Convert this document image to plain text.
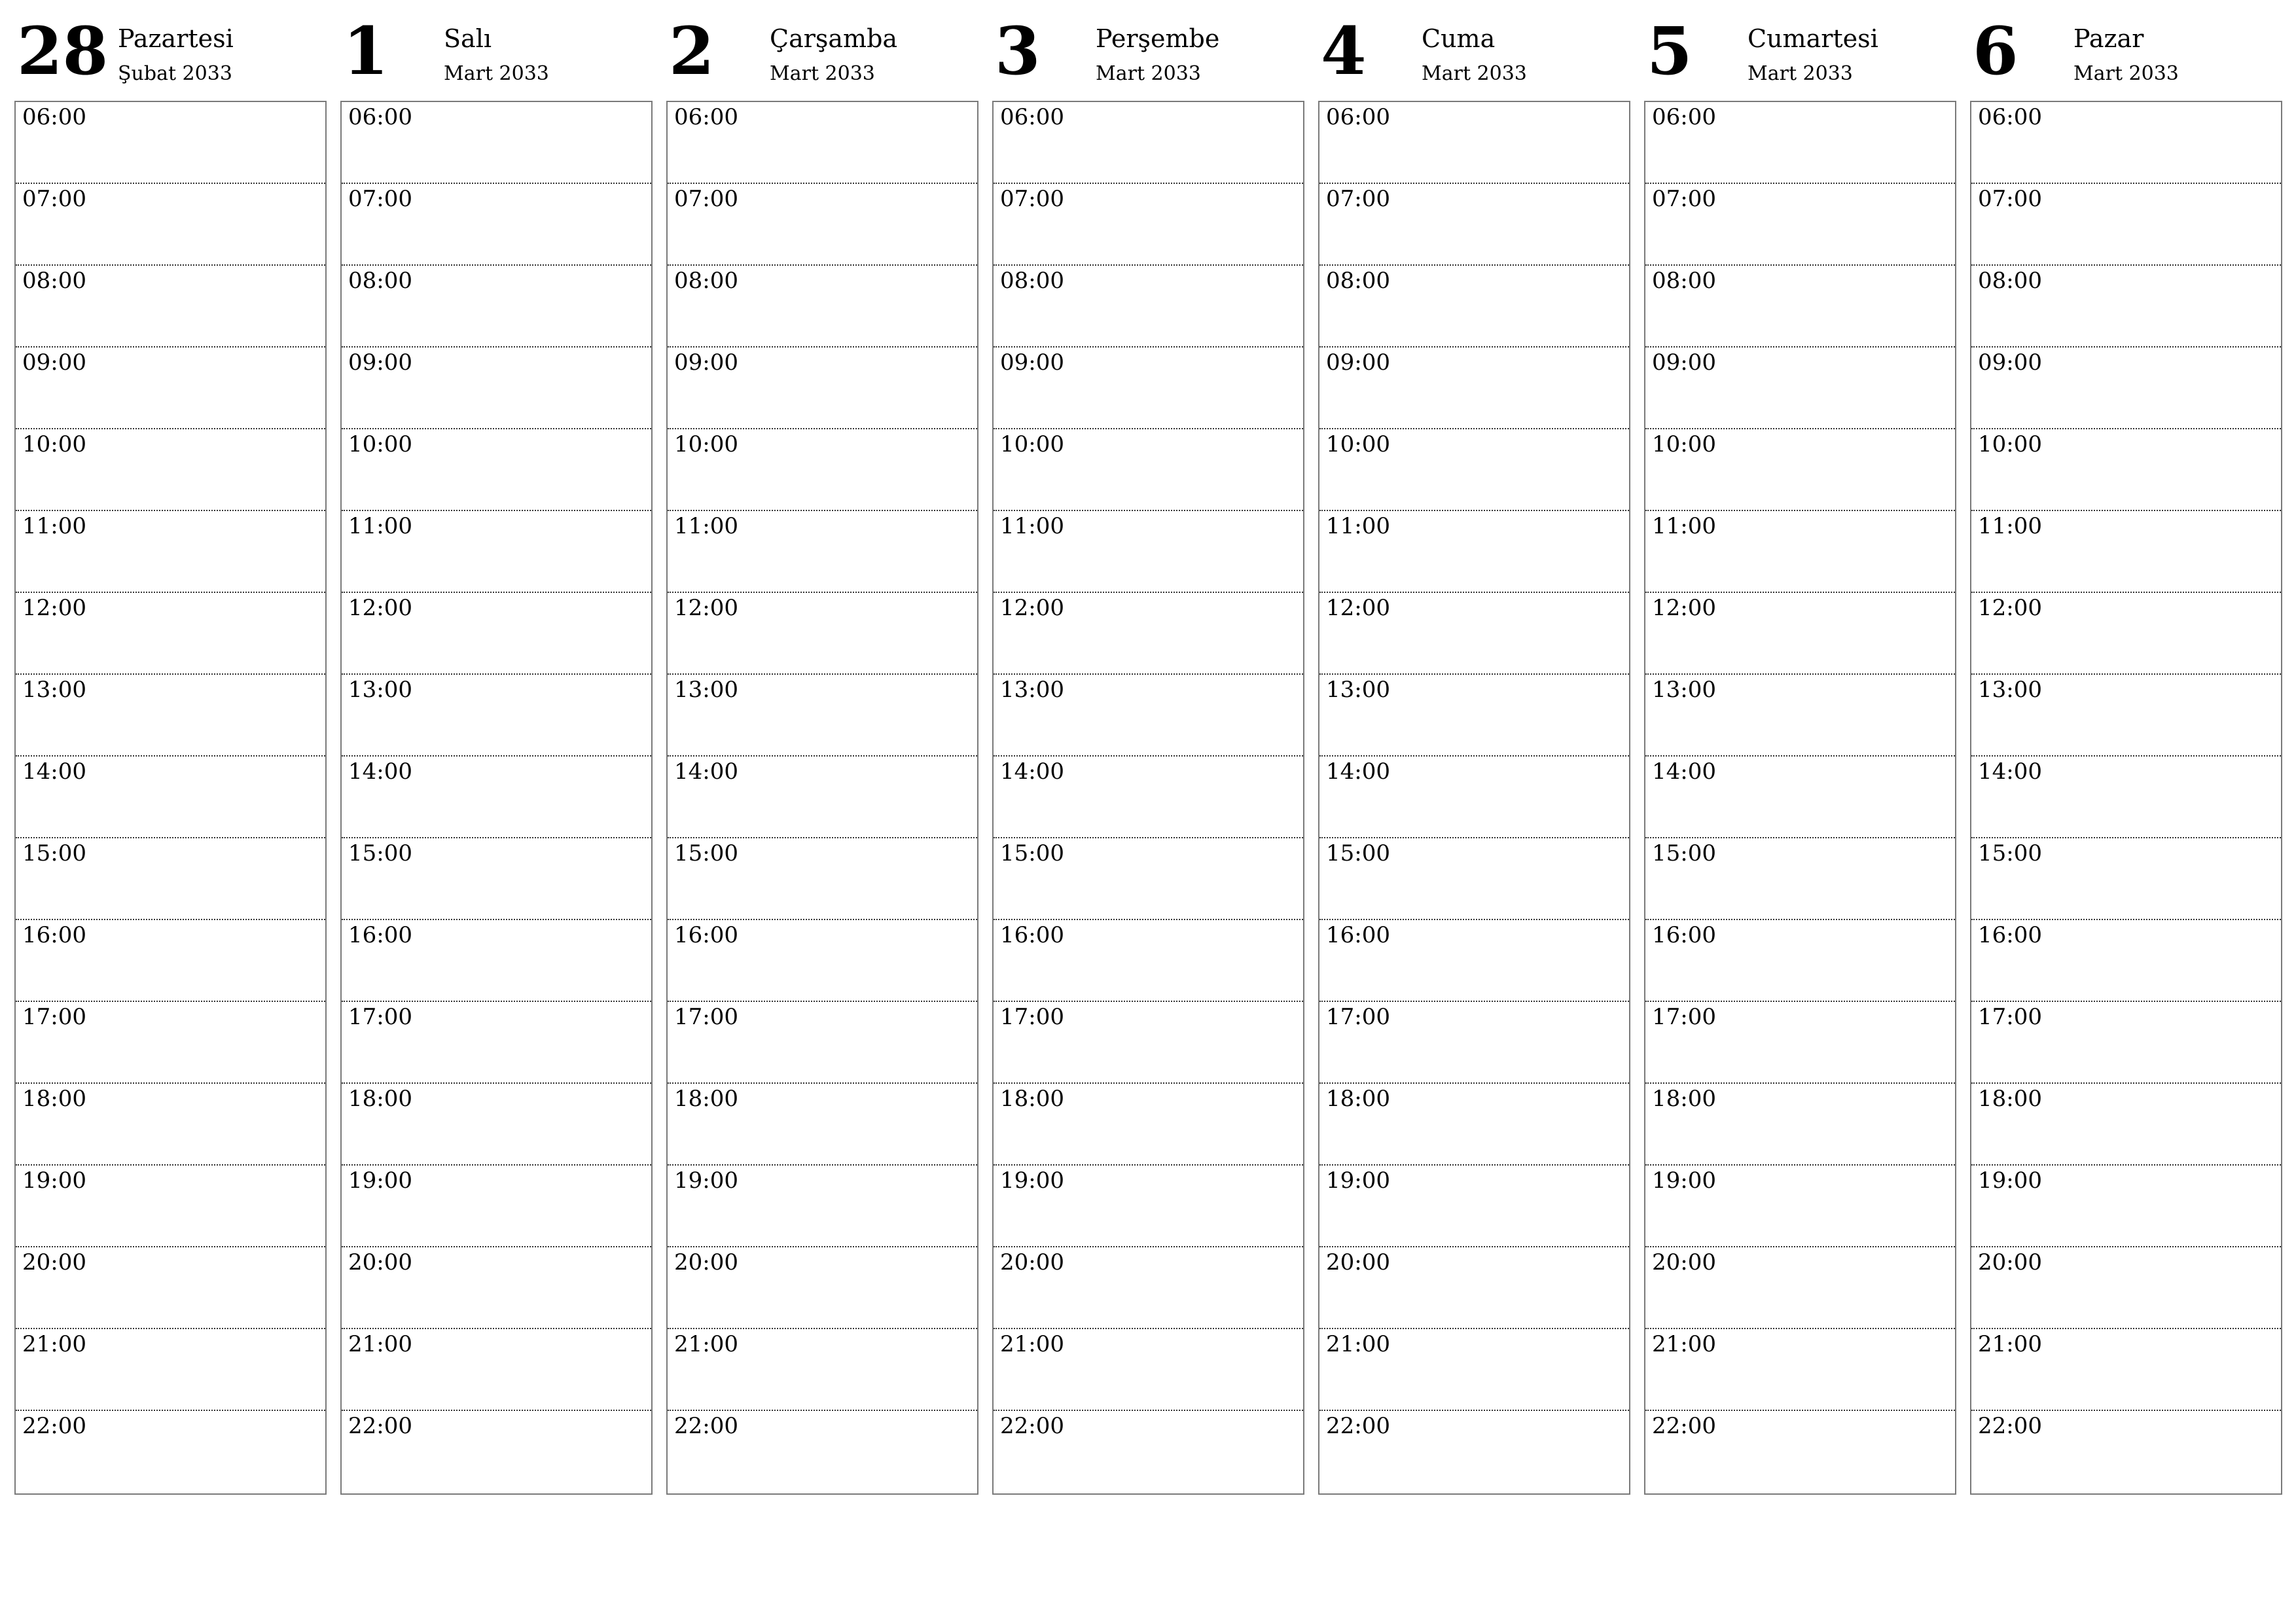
28 Pazartesi
Şubat 2033
06:00
07:00
08:00
09:00
10:00
11:00
12:00
13:00
14:00
15:00
16:00
17:00
18:00
19:00
20:00
21:00
22:00
1 Salı
Mart 2033
06:00
07:00
08:00
09:00
10:00
11:00
12:00
13:00
14:00
15:00
16:00
17:00
18:00
19:00
20:00
21:00
22:00
2 Çarşamba
Mart 2033
06:00
07:00
08:00
09:00
10:00
11:00
12:00
13:00
14:00
15:00
16:00
17:00
18:00
19:00
20:00
21:00
22:00
3 Perşembe
Mart 2033
06:00
07:00
08:00
09:00
10:00
11:00
12:00
13:00
14:00
15:00
16:00
17:00
18:00
19:00
20:00
21:00
22:00
4 Cuma
Mart 2033
06:00
07:00
08:00
09:00
10:00
11:00
12:00
13:00
14:00
15:00
16:00
17:00
18:00
19:00
20:00
21:00
22:00
5 Cumartesi
Mart 2033
06:00
07:00
08:00
09:00
10:00
11:00
12:00
13:00
14:00
15:00
16:00
17:00
18:00
19:00
20:00
21:00
22:00
6 Pazar
Mart 2033
06:00
07:00
08:00
09:00
10:00
11:00
12:00
13:00
14:00
15:00
16:00
17:00
18:00
19:00
20:00
21:00
22:00
